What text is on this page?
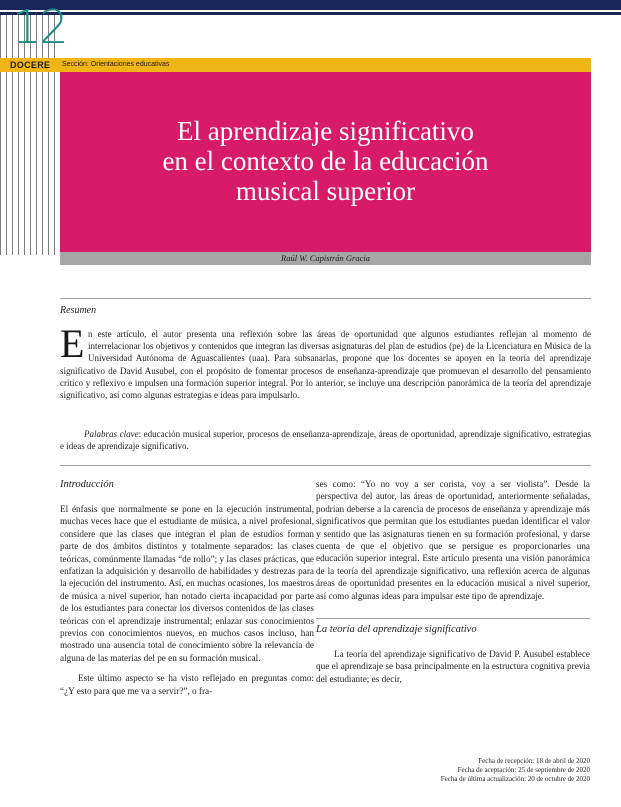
12
DOCERE Sección: Orientaciones educativas
El aprendizaje significativo
en el contexto de la educación
musical superior
Raúl W. Capistrán Gracia
Resumen
E n este artículo, el autor presenta una reflexión sobre las áreas de oportunidad que algunos estudiantes reflejan al momento de interrelacionar los objetivos y contenidos que integran las diversas asignaturas del plan de estudios (pe) de la Licenciatura en Música de la Universidad Autónoma de Aguascalientes (uaa). Para subsanarlas, propone que los docentes se apoyen en la teoría del aprendizaje significativo de David Ausubel, con el propósito de fomentar procesos de enseñanza-aprendizaje que promuevan el desarrollo del pensamiento crítico y reflexivo e impulsen una formación superior integral. Por lo anterior, se incluye una descripción panorámica de la teoría del aprendizaje significativo, así como algunas estrategias e ideas para impulsarlo.

Palabras clave: educación musical superior, procesos de enseñanza-aprendizaje, áreas de oportunidad, aprendizaje significativo, estrategias e ideas de aprendizaje significativo.

Introducción

El énfasis que normalmente se pone en la ejecución instrumental, muchas veces hace que el estudiante de música, a nivel profesional, considere que las clases que integran el plan de estudios forman parte de dos ámbitos distintos y totalmente separados: las clases teóricas, comúnmente llamadas “de rollo”; y las clases prácticas, que enfatizan la adquisición y desarrollo de habilidades y destrezas para la ejecución del instrumento. Así, en muchas ocasiones, los maestros de música a nivel superior, han notado cierta incapacidad por parte de los estudiantes para conectar los diversos contenidos de las clases teóricas con el aprendizaje instrumental; enlazar sus conocimientos previos con conocimientos nuevos, en muchos casos incluso, han mostrado una ausencia total de conocimiento sobre la relevancia de alguna de las materias del pe en su formación musical.

Este último aspecto se ha visto reflejado en preguntas como: “¿Y esto para que me va a servir?”, o fra-

ses como: “Yo no voy a ser corista, voy a ser violista”. Desde la perspectiva del autor, las áreas de oportunidad, anteriormente señaladas, podrían deberse a la carencia de procesos de enseñanza y aprendizaje más significativos que permitan que los estudiantes puedan identificar el valor y sentido que las asignaturas tienen en su formación profesional, y darse cuenta de que el objetivo que se persigue es proporcionarles una educación superior integral. Este artículo presenta una visión panorámica de la teoría del aprendizaje significativo, una reflexión acerca de algunas áreas de oportunidad presentes en la educación musical a nivel superior, así como algunas ideas para impulsar este tipo de aprendizaje.

La teoría del aprendizaje significativo

La teoría del aprendizaje significativo de David P. Ausubel establece que el aprendizaje se basa principalmente en la estructura cognitiva previa del estudiante; es decir,

Fecha de recepción: 18 de abril de 2020
Fecha de aceptación: 25 de septiembre de 2020
Fecha de última actualización: 20 de octubre de 2020
